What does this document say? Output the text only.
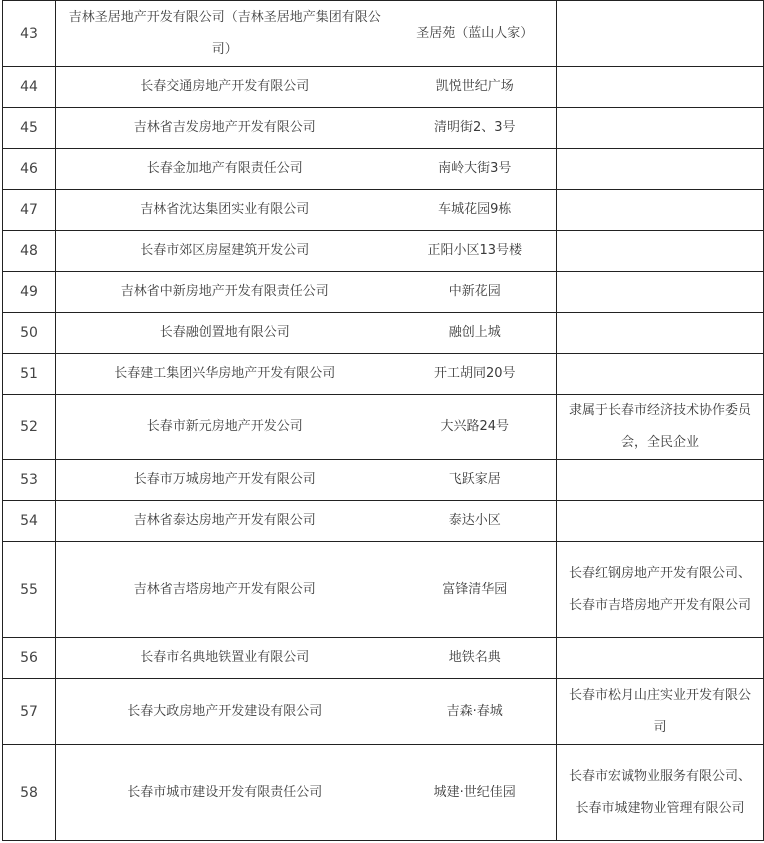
43	吉林圣居地产开发有限公司（吉林圣居地产集团有限公司）	圣居苑（蓝山人家）	
44	长春交通房地产开发有限公司	凯悦世纪广场	
45	吉林省吉发房地产开发有限公司	清明街2、3号	
46	长春金加地产有限责任公司	南岭大街3号	
47	吉林省沈达集团实业有限公司	车城花园9栋	
48	长春市郊区房屋建筑开发公司	正阳小区13号楼	
49	吉林省中新房地产开发有限责任公司	中新花园	
50	长春融创置地有限公司	融创上城	
51	长春建工集团兴华房地产开发有限公司	开工胡同20号	
52	长春市新元房地产开发公司	大兴路24号	隶属于长春市经济技术协作委员会，全民企业
53	长春市万城房地产开发有限公司	飞跃家居	
54	吉林省泰达房地产开发有限公司	泰达小区	
55	吉林省吉塔房地产开发有限公司	富锋清华园	长春红钢房地产开发有限公司、长春市吉塔房地产开发有限公司
56	长春市名典地铁置业有限公司	地铁名典	
57	长春大政房地产开发建设有限公司	吉森·春城	长春市松月山庄实业开发有限公司
58	长春市城市建设开发有限责任公司	城建·世纪佳园	长春市宏诚物业服务有限公司、长春市城建物业管理有限公司
